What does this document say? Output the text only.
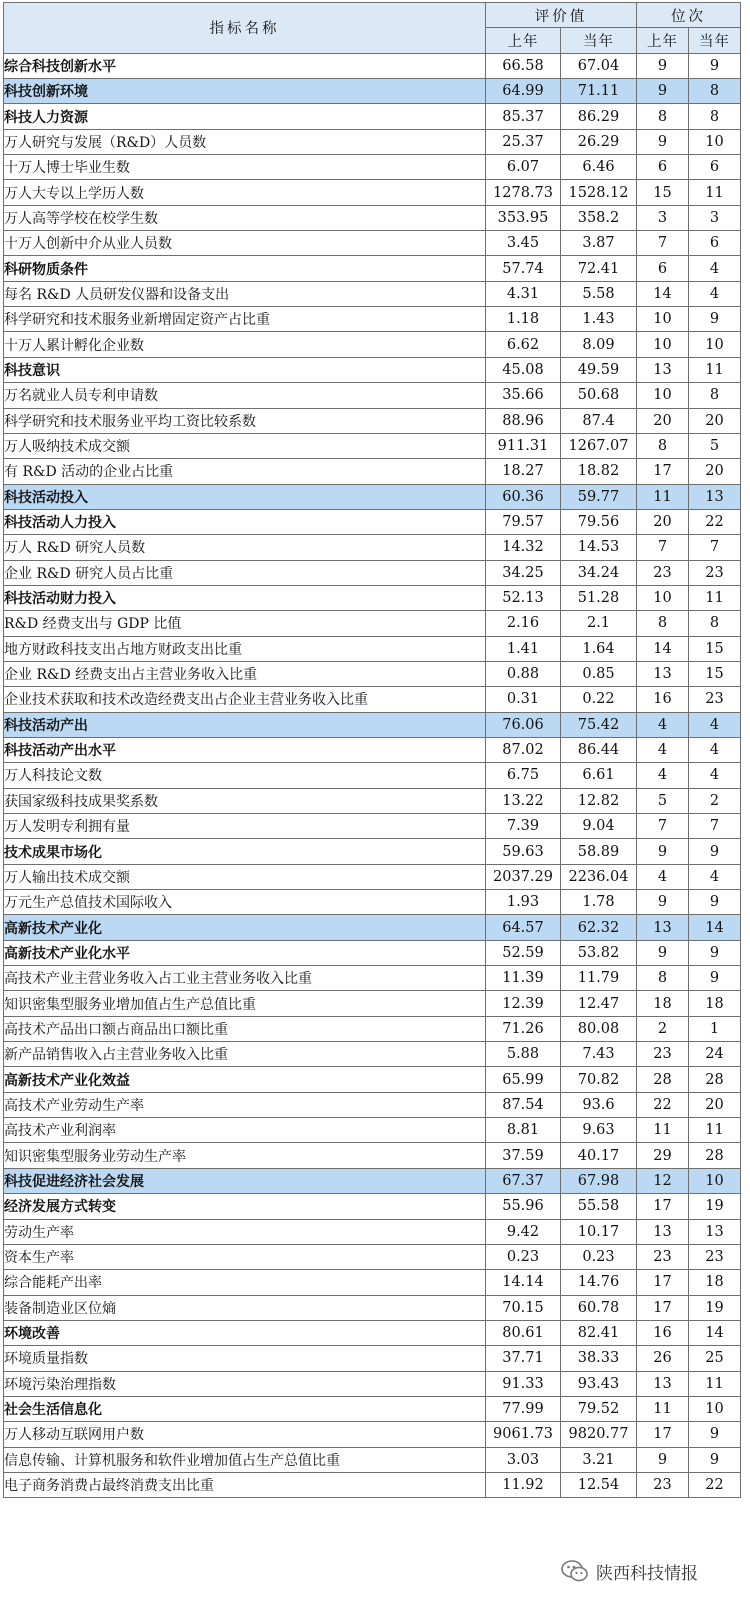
指标名称	评价值		位次	
	上年	当年	上年	当年
综合科技创新水平	66.58	67.04	9	9
科技创新环境	64.99	71.11	9	8
科技人力资源	85.37	86.29	8	8
万人研究与发展（R&D）人员数	25.37	26.29	9	10
十万人博士毕业生数	6.07	6.46	6	6
万人大专以上学历人数	1278.73	1528.12	15	11
万人高等学校在校学生数	353.95	358.2	3	3
十万人创新中介从业人员数	3.45	3.87	7	6
科研物质条件	57.74	72.41	6	4
每名 R&D 人员研发仪器和设备支出	4.31	5.58	14	4
科学研究和技术服务业新增固定资产占比重	1.18	1.43	10	9
十万人累计孵化企业数	6.62	8.09	10	10
科技意识	45.08	49.59	13	11
万名就业人员专利申请数	35.66	50.68	10	8
科学研究和技术服务业平均工资比较系数	88.96	87.4	20	20
万人吸纳技术成交额	911.31	1267.07	8	5
有 R&D 活动的企业占比重	18.27	18.82	17	20
科技活动投入	60.36	59.77	11	13
科技活动人力投入	79.57	79.56	20	22
万人 R&D 研究人员数	14.32	14.53	7	7
企业 R&D 研究人员占比重	34.25	34.24	23	23
科技活动财力投入	52.13	51.28	10	11
R&D 经费支出与 GDP 比值	2.16	2.1	8	8
地方财政科技支出占地方财政支出比重	1.41	1.64	14	15
企业 R&D 经费支出占主营业务收入比重	0.88	0.85	13	15
企业技术获取和技术改造经费支出占企业主营业务收入比重	0.31	0.22	16	23
科技活动产出	76.06	75.42	4	4
科技活动产出水平	87.02	86.44	4	4
万人科技论文数	6.75	6.61	4	4
获国家级科技成果奖系数	13.22	12.82	5	2
万人发明专利拥有量	7.39	9.04	7	7
技术成果市场化	59.63	58.89	9	9
万人输出技术成交额	2037.29	2236.04	4	4
万元生产总值技术国际收入	1.93	1.78	9	9
高新技术产业化	64.57	62.32	13	14
高新技术产业化水平	52.59	53.82	9	9
高技术产业主营业务收入占工业主营业务收入比重	11.39	11.79	8	9
知识密集型服务业增加值占生产总值比重	12.39	12.47	18	18
高技术产品出口额占商品出口额比重	71.26	80.08	2	1
新产品销售收入占主营业务收入比重	5.88	7.43	23	24
高新技术产业化效益	65.99	70.82	28	28
高技术产业劳动生产率	87.54	93.6	22	20
高技术产业利润率	8.81	9.63	11	11
知识密集型服务业劳动生产率	37.59	40.17	29	28
科技促进经济社会发展	67.37	67.98	12	10
经济发展方式转变	55.96	55.58	17	19
劳动生产率	9.42	10.17	13	13
资本生产率	0.23	0.23	23	23
综合能耗产出率	14.14	14.76	17	18
装备制造业区位熵	70.15	60.78	17	19
环境改善	80.61	82.41	16	14
环境质量指数	37.71	38.33	26	25
环境污染治理指数	91.33	93.43	13	11
社会生活信息化	77.99	79.52	11	10
万人移动互联网用户数	9061.73	9820.77	17	9
信息传输、计算机服务和软件业增加值占生产总值比重	3.03	3.21	9	9
电子商务消费占最终消费支出比重	11.92	12.54	23	22
陕西科技情报
